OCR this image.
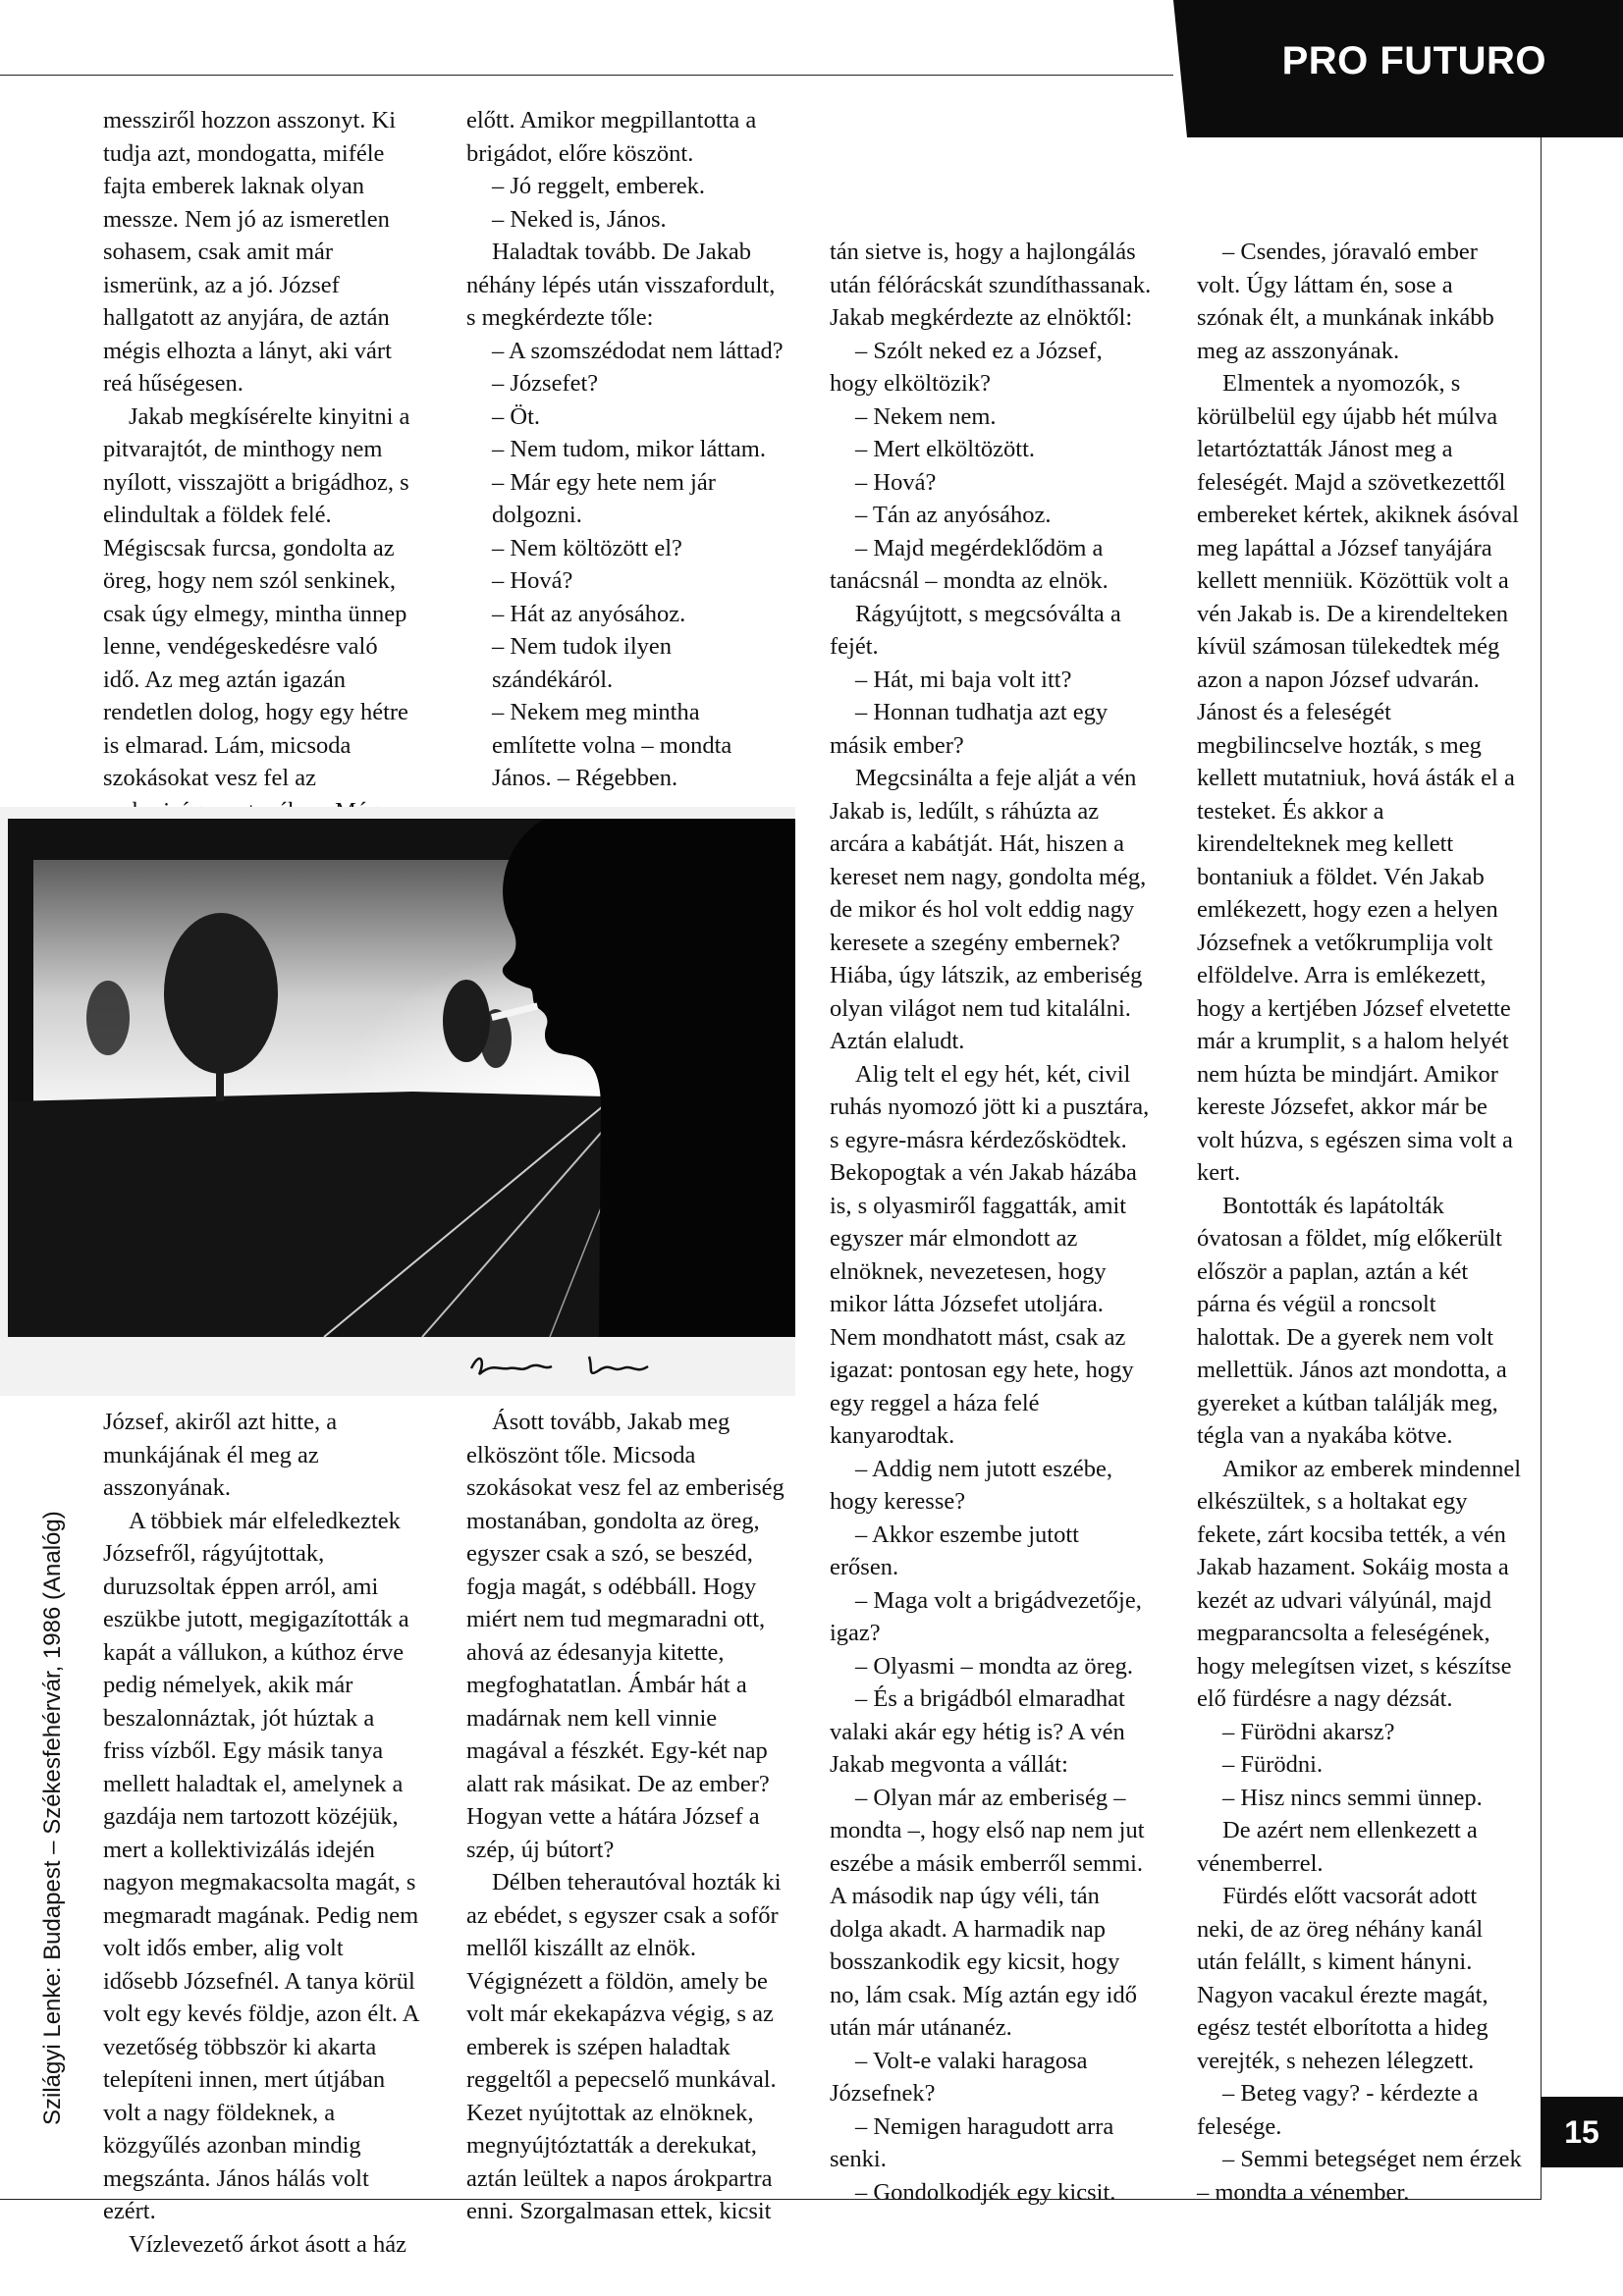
PRO FUTURO

messziről hozzon asszonyt. Ki tudja azt, mondogatta, miféle fajta emberek laknak olyan messze. Nem jó az ismeretlen sohasem, csak amit már ismerünk, az a jó. József hallgatott az anyjára, de aztán mégis elhozta a lányt, aki várt reá hűségesen.

Jakab megkísérelte kinyitni a pitvarajtót, de minthogy nem nyílott, visszajött a brigádhoz, s elindultak a földek felé. Mégiscsak furcsa, gondolta az öreg, hogy nem szól senkinek, csak úgy elmegy, mintha ünnep lenne, vendégeskedésre való idő. Az meg aztán igazán rendetlen dolog, hogy egy hétre is elmarad. Lám, micsoda szokásokat vesz fel az

előtt. Amikor megpillantotta a brigádot, előre köszönt.

– Jó reggelt, emberek.

– Neked is, János.

Haladtak tovább. De Jakab néhány lépés után visszafordult, s megkérdezte tőle:

– A szomszédodat nem láttad?

– Józsefet?

– Öt.

– Nem tudom, mikor láttam.

– Már egy hete nem jár dolgozni.

– Nem költözött el?

– Hová?

– Hát az anyósához.

– Nem tudok ilyen szándékáról.

– Nekem meg mintha említette volna – mondta János. – Régebben.

József, akiről azt hitte, a munkájának él meg az asszonyának.

A többiek már elfeledkeztek Józsefről, rágyújtottak, duruzsoltak éppen arról, ami eszükbe jutott, megigazították a kapát a vállukon, a kúthoz érve pedig némelyek, akik már beszalonnáztak, jót húztak a friss vízből. Egy másik tanya mellett haladtak el, amelynek a gazdája nem tartozott közéjük, mert a kollektivizálás idején nagyon megmakacsolta magát, s megmaradt magának. Pedig nem volt idős ember, alig volt idősebb Józsefnél. A tanya körül volt egy kevés földje, azon élt. A vezetőség többször ki akarta telepíteni innen, mert útjában volt a nagy földeknek, a közgyűlés azonban mindig megszánta. János hálás volt ezért.

Vízlevezető árkot ásott a ház

Ásott tovább, Jakab meg elköszönt tőle. Micsoda szokásokat vesz fel az emberiség mostanában, gondolta az öreg, egyszer csak a szó, se beszéd, fogja magát, s odébbáll. Hogy miért nem tud megmaradni ott, ahová az édesanyja kitette, megfoghatatlan. Ámbár hát a madárnak nem kell vinnie magával a fészkét. Egy-két nap alatt rak másikat. De az ember? Hogyan vette a hátára József a szép, új bútort?

Délben teherautóval hozták ki az ebédet, s egyszer csak a sofőr mellől kiszállt az elnök. Végignézett a földön, amely be volt már ekekapázva végig, s az emberek is szépen haladtak reggeltől a pepecselő munkával. Kezet nyújtottak az elnöknek, megnyújtóztatták a derekukat, aztán leültek a napos árokpartra enni. Szorgalmasan ettek, kicsit

tán sietve is, hogy a hajlongálás után félórácskát szundíthassanak. Jakab megkérdezte az elnöktől:

– Szólt neked ez a József, hogy elköltözik?

– Nekem nem.

– Mert elköltözött.

– Hová?

– Tán az anyósához.

– Majd megérdeklődöm a tanácsnál – mondta az elnök.

Rágyújtott, s megcsóválta a fejét.

– Hát, mi baja volt itt?

– Honnan tudhatja azt egy másik ember?

Megcsinálta a feje alját a vén Jakab is, ledűlt, s ráhúzta az arcára a kabátját. Hát, hiszen a kereset nem nagy, gondolta még, de mikor és hol volt eddig nagy keresete a szegény embernek? Hiába, úgy látszik, az emberiség olyan világot nem tud kitalálni. Aztán elaludt.

Alig telt el egy hét, két, civil ruhás nyomozó jött ki a pusztára, s egyre-másra kérdezősködtek. Bekopogtak a vén Jakab házába is, s olyasmiről faggatták, amit egyszer már elmondott az elnöknek, nevezetesen, hogy mikor látta Józsefet utoljára. Nem mondhatott mást, csak az igazat: pontosan egy hete, hogy egy reggel a háza felé kanyarodtak.

– Addig nem jutott eszébe, hogy keresse?

– Akkor eszembe jutott erősen.

– Maga volt a brigádvezetője, igaz?

– Olyasmi – mondta az öreg.

– És a brigádból elmaradhat valaki akár egy hétig is? A vén Jakab megvonta a vállát:

– Olyan már az emberiség – mondta –, hogy első nap nem jut eszébe a másik emberről semmi. A második nap úgy véli, tán dolga akadt. A harmadik nap bosszankodik egy kicsit, hogy no, lám csak. Míg aztán egy idő után már utánanéz.

– Volt-e valaki haragosa Józsefnek?

– Nemigen haragudott arra senki.

– Gondolkodjék egy kicsit.

– Csendes, jóravaló ember volt. Úgy láttam én, sose a szónak élt, a munkának inkább meg az asszonyának.

Elmentek a nyomozók, s körülbelül egy újabb hét múlva letartóztatták Jánost meg a feleségét. Majd a szövetkezettől embereket kértek, akiknek ásóval meg lapáttal a József tanyájára kellett menniük. Közöttük volt a vén Jakab is. De a kirendelteken kívül számosan tülekedtek még azon a napon József udvarán. Jánost és a feleségét megbilincselve hozták, s meg kellett mutatniuk, hová ásták el a testeket. És akkor a kirendelteknek meg kellett bontaniuk a földet. Vén Jakab emlékezett, hogy ezen a helyen Józsefnek a vetőkrumplija volt elföldelve. Arra is emlékezett, hogy a kertjében József elvetette már a krumplit, s a halom helyét nem húzta be mindjárt. Amikor kereste Józsefet, akkor már be volt húzva, s egészen sima volt a kert.

Bontották és lapátolták óvatosan a földet, míg előkerült először a paplan, aztán a két párna és végül a roncsolt halottak. De a gyerek nem volt mellettük. János azt mondotta, a gyereket a kútban találják meg, tégla van a nyakába kötve.

Amikor az emberek mindennel elkészültek, s a holtakat egy fekete, zárt kocsiba tették, a vén Jakab hazament. Sokáig mosta a kezét az udvari vályúnál, majd megparancsolta a feleségének, hogy melegítsen vizet, s készítse elő fürdésre a nagy dézsát.

– Fürödni akarsz?

– Fürödni.

– Hisz nincs semmi ünnep.

De azért nem ellenkezett a vénemberrel.

Fürdés előtt vacsorát adott neki, de az öreg néhány kanál után felállt, s kiment hányni. Nagyon vacakul érezte magát, egész testét elborította a hideg verejték, s nehezen lélegzett.

– Beteg vagy? - kérdezte a felesége.

– Semmi betegséget nem érzek – mondta a vénember.

Szilágyi Lenke: Budapest – Székesfehérvár, 1986 (Analóg)
15
